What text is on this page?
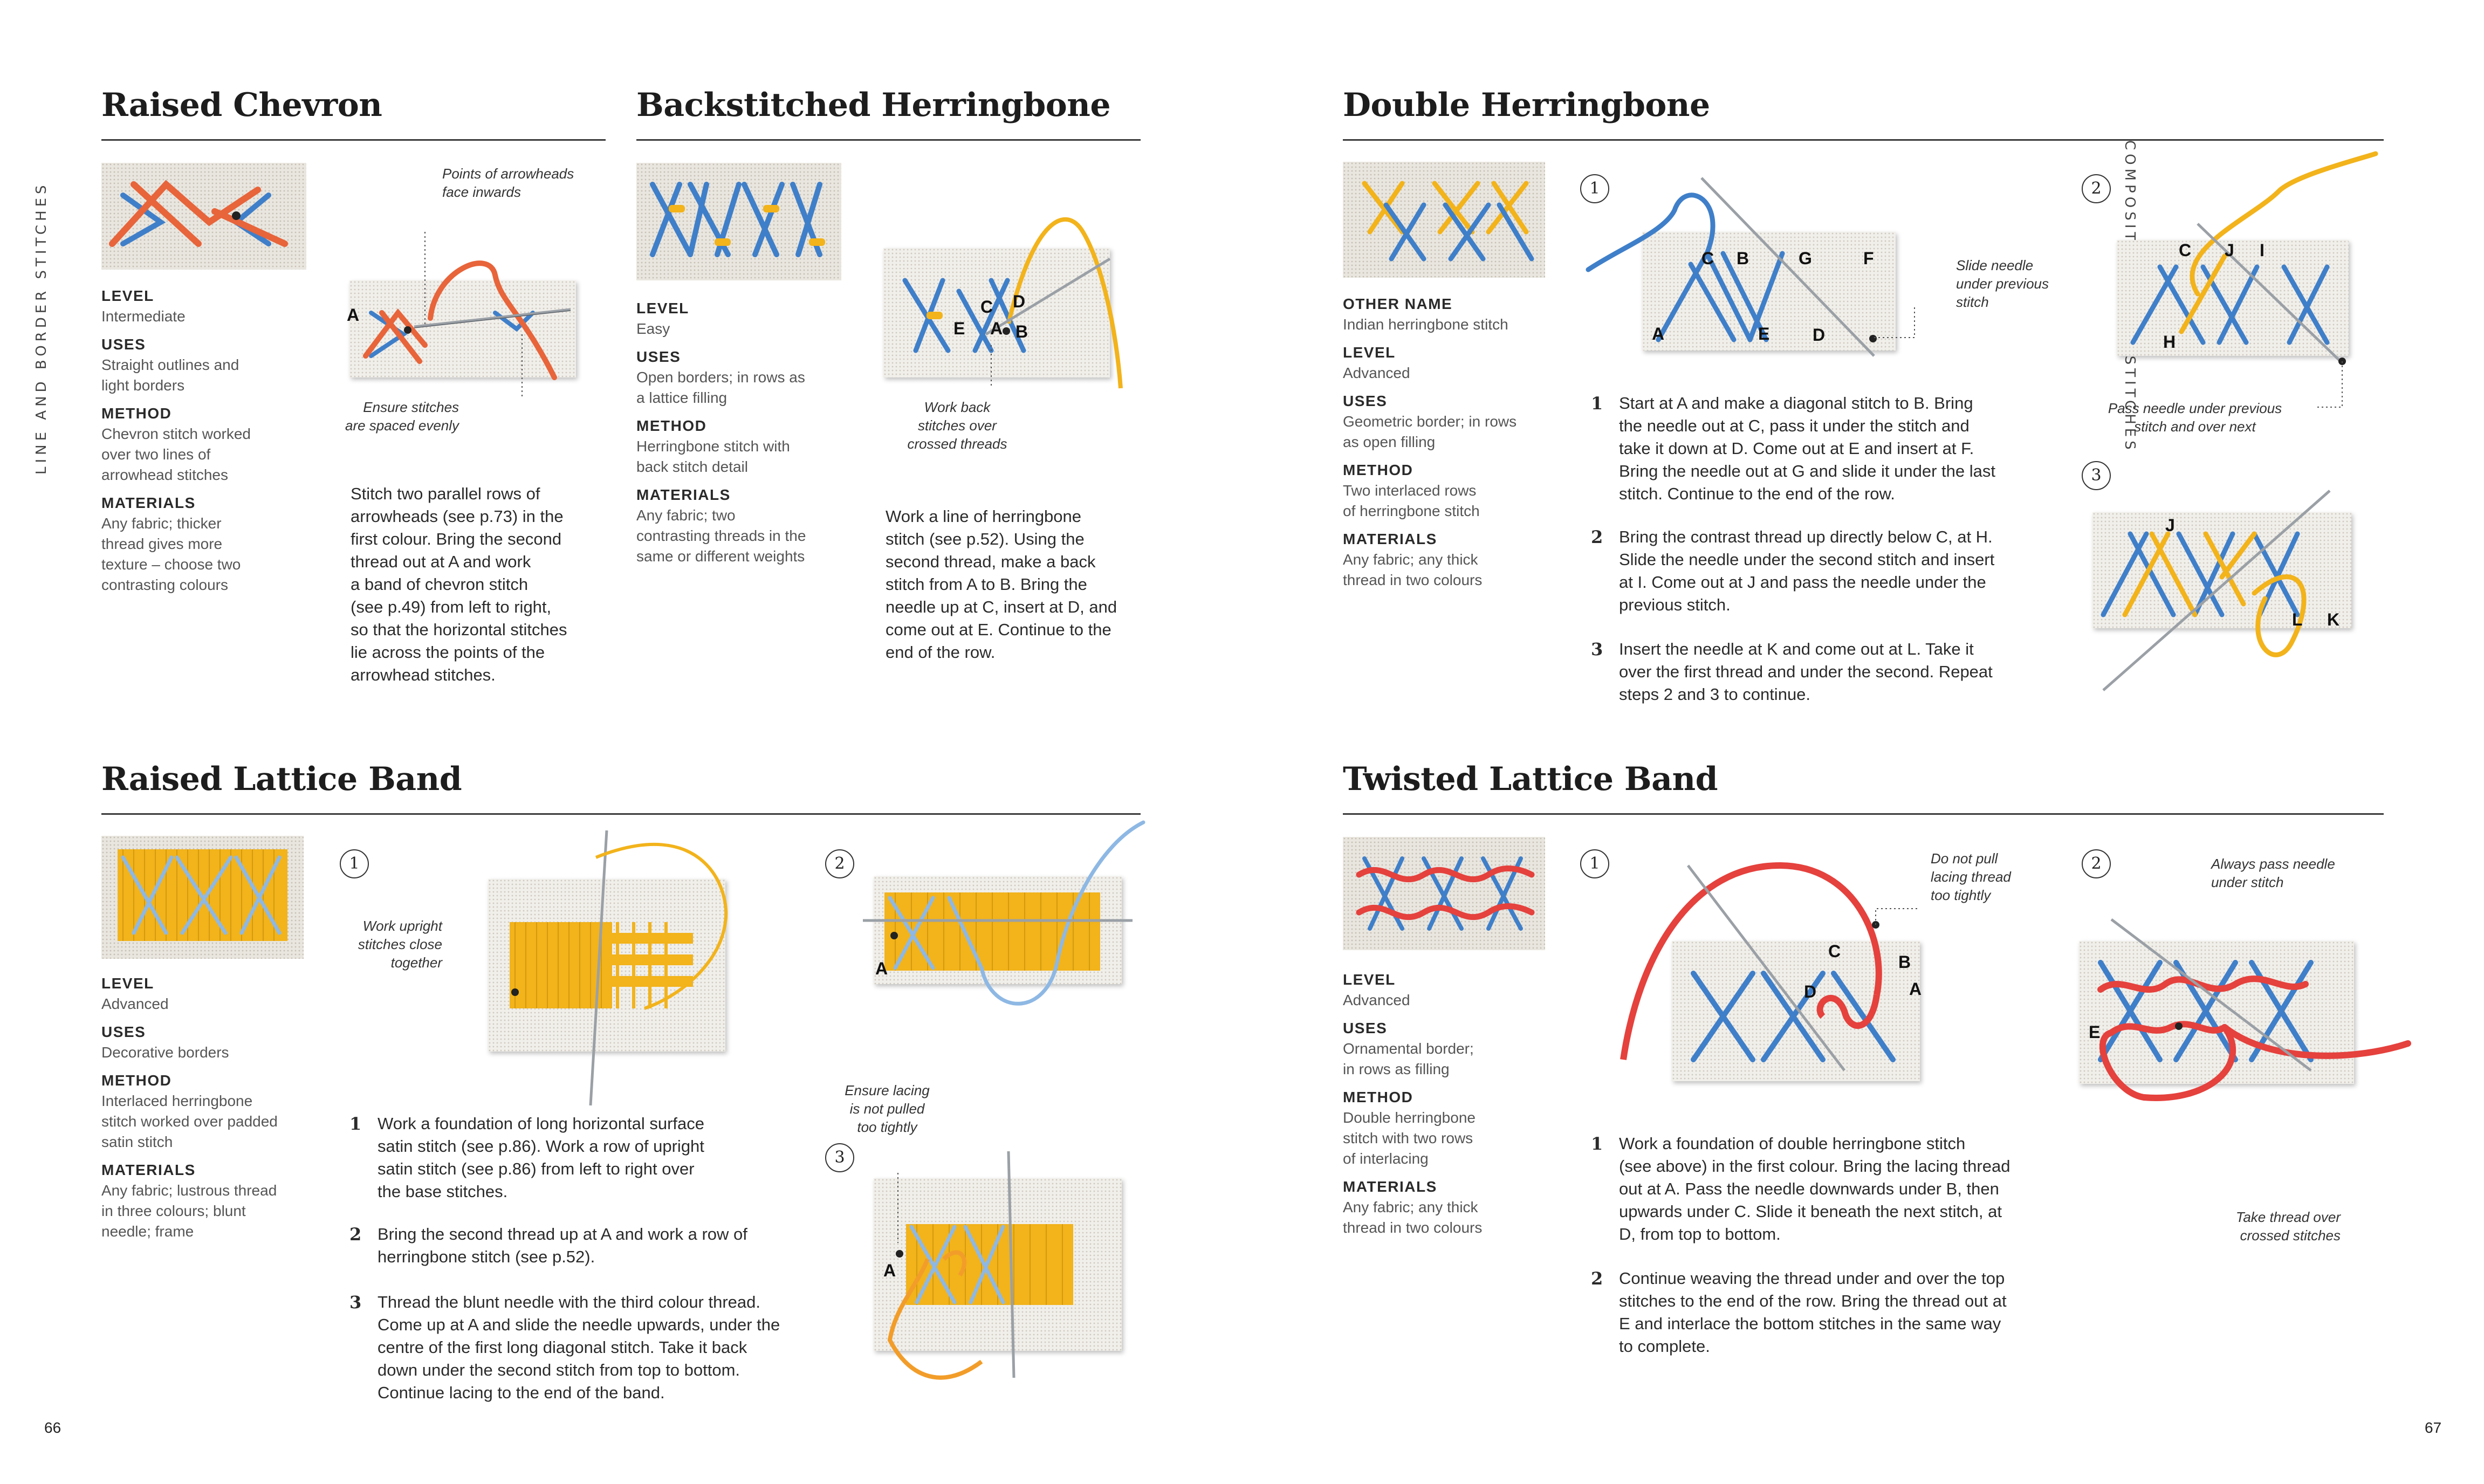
LINE AND BORDER STITCHES
Raised Chevron
LEVEL
Intermediate
USES
Straight outlines and
light borders
METHOD
Chevron stitch worked
over two lines of
arrowhead stitches
MATERIALS
Any fabric; thicker
thread gives more
texture – choose two
contrasting colours
Points of arrowheads
face inwards
A
Ensure stitches
are spaced evenly
Stitch two parallel rows of
arrowheads (see p.73) in the
first colour. Bring the second
thread out at A and work
a band of chevron stitch
(see p.49) from left to right,
so that the horizontal stitches
lie across the points of the
arrowhead stitches.
Backstitched Herringbone
LEVEL
Easy
USES
Open borders; in rows as
a lattice filling
METHOD
Herringbone stitch with
back stitch detail
MATERIALS
Any fabric; two
contrasting threads in the
same or different weights
C D
E A B
Work back
stitches over
crossed threads
Work a line of herringbone
stitch (see p.52). Using the
second thread, make a back
stitch from A to B. Bring the
needle up at C, insert at D, and
come out at E. Continue to the
end of the row.
Double Herringbone
OTHER NAME
Indian herringbone stitch
LEVEL
Advanced
USES
Geometric border; in rows
as open filling
METHOD
Two interlaced rows
of herringbone stitch
MATERIALS
Any fabric; any thick
thread in two colours
1
C B	G	F
A	E D
Slide needle
under previous
stitch
1 Start at A and make a diagonal stitch to B. Bring
the needle out at C, pass it under the stitch and
take it down at D. Come out at E and insert at F.
Bring the needle out at G and slide it under the last
stitch. Continue to the end of the row.
2 Bring the contrast thread up directly below C, at H.
Slide the needle under the second stitch and insert
at I. Come out at J and pass the needle under the
previous stitch.
3 Insert the needle at K and come out at L. Take it
over the first thread and under the second. Repeat
steps 2 and 3 to continue.
2
C J I
H
Pass needle under previous
stitch and over next
3
J
L K
Raised Lattice Band
LEVEL
Advanced
USES
Decorative borders
METHOD
Interlaced herringbone
stitch worked over padded
satin stitch
MATERIALS
Any fabric; lustrous thread
in three colours; blunt
needle; frame
1
Work upright
stitches close
together
2
A
Ensure lacing
is not pulled
too tightly
3
A
1 Work a foundation of long horizontal surface
satin stitch (see p.86). Work a row of upright
satin stitch (see p.86) from left to right over
the base stitches.
2 Bring the second thread up at A and work a row of
herringbone stitch (see p.52).
3 Thread the blunt needle with the third colour thread.
Come up at A and slide the needle upwards, under the
centre of the first long diagonal stitch. Take it back
down under the second stitch from top to bottom.
Continue lacing to the end of the band.
Twisted Lattice Band
LEVEL
Advanced
USES
Ornamental border;
in rows as filling
METHOD
Double herringbone
stitch with two rows
of interlacing
MATERIALS
Any fabric; any thick
thread in two colours
1	Do not pull
lacing thread
too tightly
C
B
D	A
2	Always pass needle
under stitch
E
Take thread over
crossed stitches
1 Work a foundation of double herringbone stitch
(see above) in the first colour. Bring the lacing thread
out at A. Pass the needle downwards under B, then
upwards under C. Slide it beneath the next stitch, at
D, from top to bottom.
2 Continue weaving the thread under and over the top
stitches to the end of the row. Bring the thread out at
E and interlace the bottom stitches in the same way
to complete.
66	67
